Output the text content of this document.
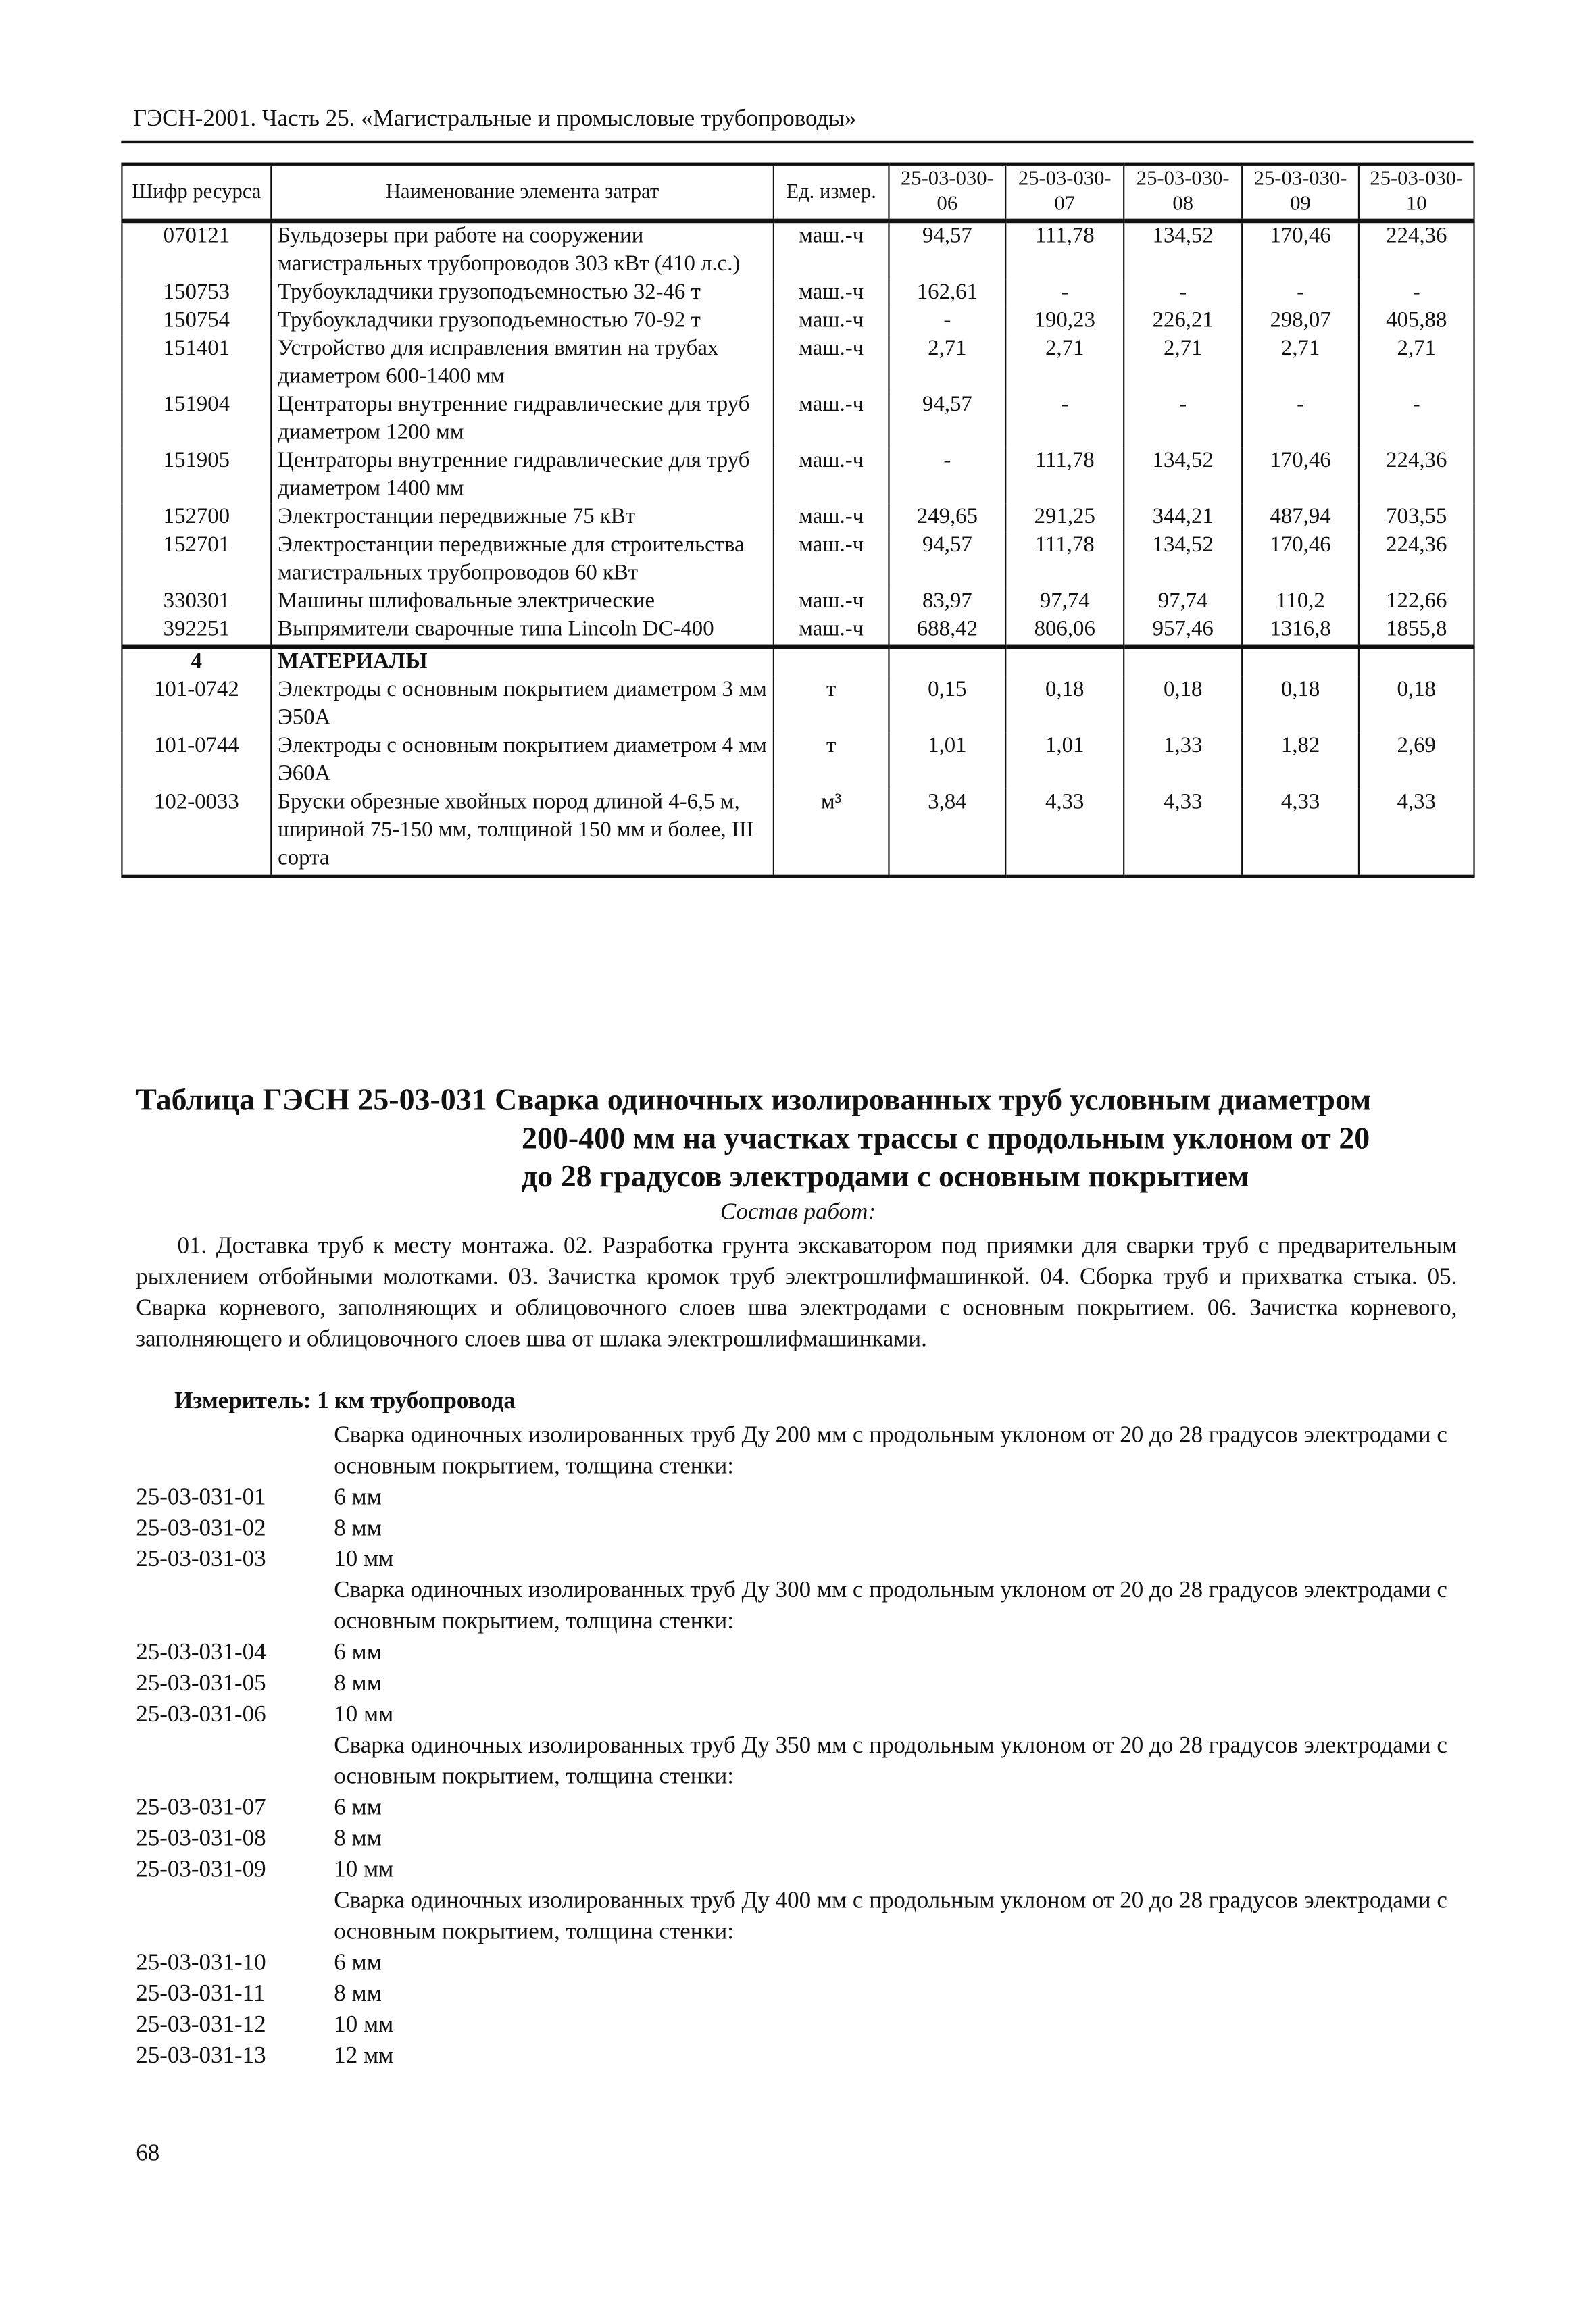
ГЭСН-2001. Часть 25. «Магистральные и промысловые трубопроводы»
Шифр ресурса	Наименование элемента затрат	Ед. измер.	25-03-030-06	25-03-030-07	25-03-030-08	25-03-030-09	25-03-030-10
070121	Бульдозеры при работе на сооружении магистральных трубопроводов 303 кВт (410 л.с.)	маш.-ч	94,57	111,78	134,52	170,46	224,36
150753	Трубоукладчики грузоподъемностью 32-46 т	маш.-ч	162,61	-	-	-	-
150754	Трубоукладчики грузоподъемностью 70-92 т	маш.-ч	-	190,23	226,21	298,07	405,88
151401	Устройство для исправления вмятин на трубах диаметром 600-1400 мм	маш.-ч	2,71	2,71	2,71	2,71	2,71
151904	Центраторы внутренние гидравлические для труб диаметром 1200 мм	маш.-ч	94,57	-	-	-	-
151905	Центраторы внутренние гидравлические для труб диаметром 1400 мм	маш.-ч	-	111,78	134,52	170,46	224,36
152700	Электростанции передвижные 75 кВт	маш.-ч	249,65	291,25	344,21	487,94	703,55
152701	Электростанции передвижные для строительства магистральных трубопроводов 60 кВт	маш.-ч	94,57	111,78	134,52	170,46	224,36
330301	Машины шлифовальные электрические	маш.-ч	83,97	97,74	97,74	110,2	122,66
392251	Выпрямители сварочные типа Lincoln DC-400	маш.-ч	688,42	806,06	957,46	1316,8	1855,8
4	МАТЕРИАЛЫ						
101-0742	Электроды с основным покрытием диаметром 3 мм Э50А	т	0,15	0,18	0,18	0,18	0,18
101-0744	Электроды с основным покрытием диаметром 4 мм Э60А	т	1,01	1,01	1,33	1,82	2,69
102-0033	Бруски обрезные хвойных пород длиной 4-6,5 м, шириной 75-150 мм, толщиной 150 мм и более, III сорта	м³	3,84	4,33	4,33	4,33	4,33
Таблица ГЭСН 25-03-031 Сварка одиночных изолированных труб условным диаметром
200-400 мм на участках трассы с продольным уклоном от 20
до 28 градусов электродами с основным покрытием
Состав работ:
01. Доставка труб к месту монтажа. 02. Разработка грунта экскаватором под приямки для сварки труб с предварительным рыхлением отбойными молотками. 03. Зачистка кромок труб электрошлифмашинкой. 04. Сборка труб и прихватка стыка. 05. Сварка корневого, заполняющих и облицовочного слоев шва электродами с основным покрытием. 06. Зачистка корневого, заполняющего и облицовочного слоев шва от шлака электрошлифмашинками.
Измеритель: 1 км трубопровода
Сварка одиночных изолированных труб Ду 200 мм с продольным уклоном от 20 до 28 градусов электродами с основным покрытием, толщина стенки:
25-03-031-01	6 мм
25-03-031-02	8 мм
25-03-031-03	10 мм
Сварка одиночных изолированных труб Ду 300 мм с продольным уклоном от 20 до 28 градусов электродами с основным покрытием, толщина стенки:
25-03-031-04	6 мм
25-03-031-05	8 мм
25-03-031-06	10 мм
Сварка одиночных изолированных труб Ду 350 мм с продольным уклоном от 20 до 28 градусов электродами с основным покрытием, толщина стенки:
25-03-031-07	6 мм
25-03-031-08	8 мм
25-03-031-09	10 мм
Сварка одиночных изолированных труб Ду 400 мм с продольным уклоном от 20 до 28 градусов электродами с основным покрытием, толщина стенки:
25-03-031-10	6 мм
25-03-031-11	8 мм
25-03-031-12	10 мм
25-03-031-13	12 мм
68
